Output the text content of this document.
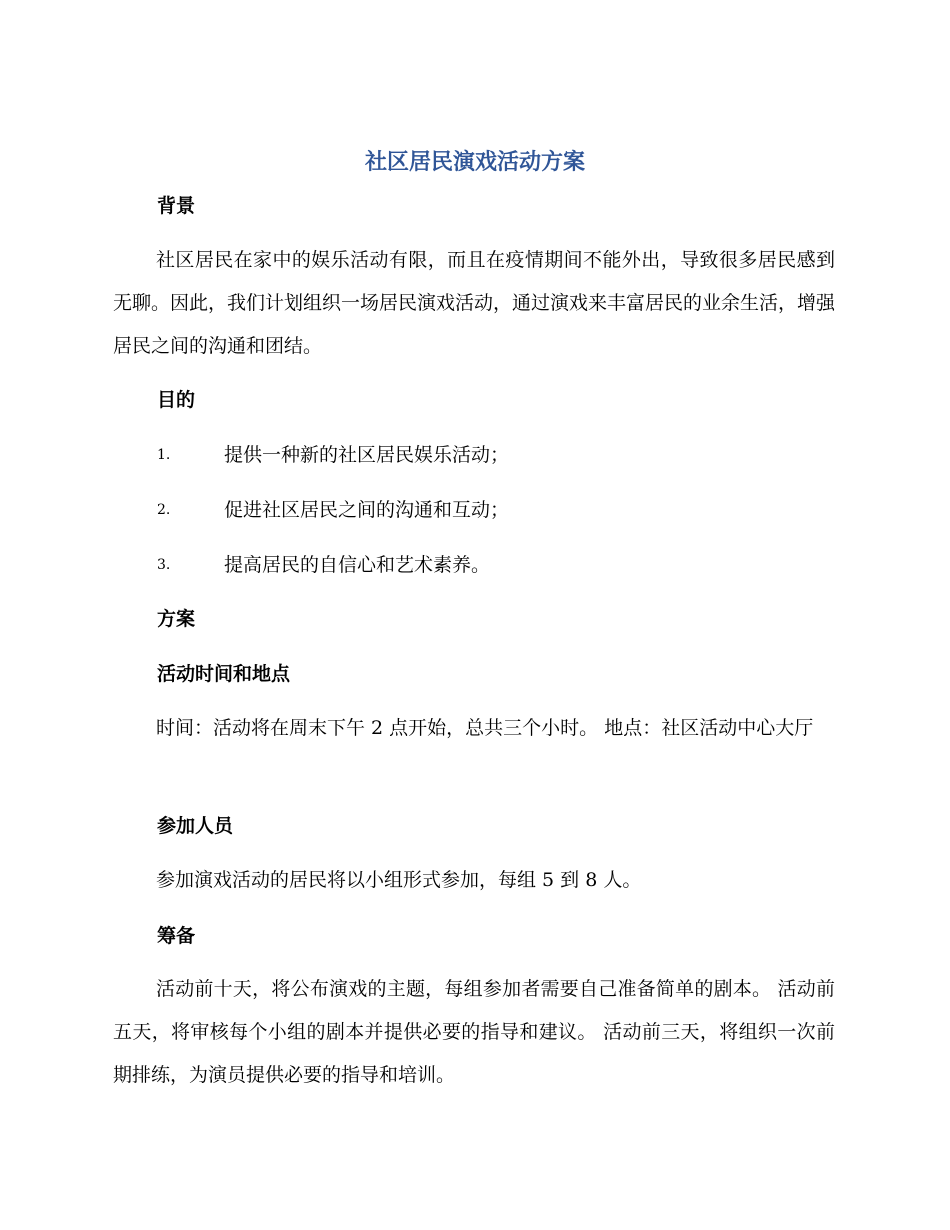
社区居民演戏活动方案
背景

社区居民在家中的娱乐活动有限，而且在疫情期间不能外出，导致很多居民感到无聊。因此，我们计划组织一场居民演戏活动，通过演戏来丰富居民的业余生活，增强居民之间的沟通和团结。

目的
1.	提供一种新的社区居民娱乐活动；
2.	促进社区居民之间的沟通和互动；
3.	提高居民的自信心和艺术素养。
方案
活动时间和地点

时间：活动将在周末下午 2 点开始，总共三个小时。 地点：社区活动中心大厅

参加人员

参加演戏活动的居民将以小组形式参加，每组 5 到 8 人。

筹备

活动前十天，将公布演戏的主题，每组参加者需要自己准备简单的剧本。 活动前五天，将审核每个小组的剧本并提供必要的指导和建议。 活动前三天，将组织一次前期排练，为演员提供必要的指导和培训。
